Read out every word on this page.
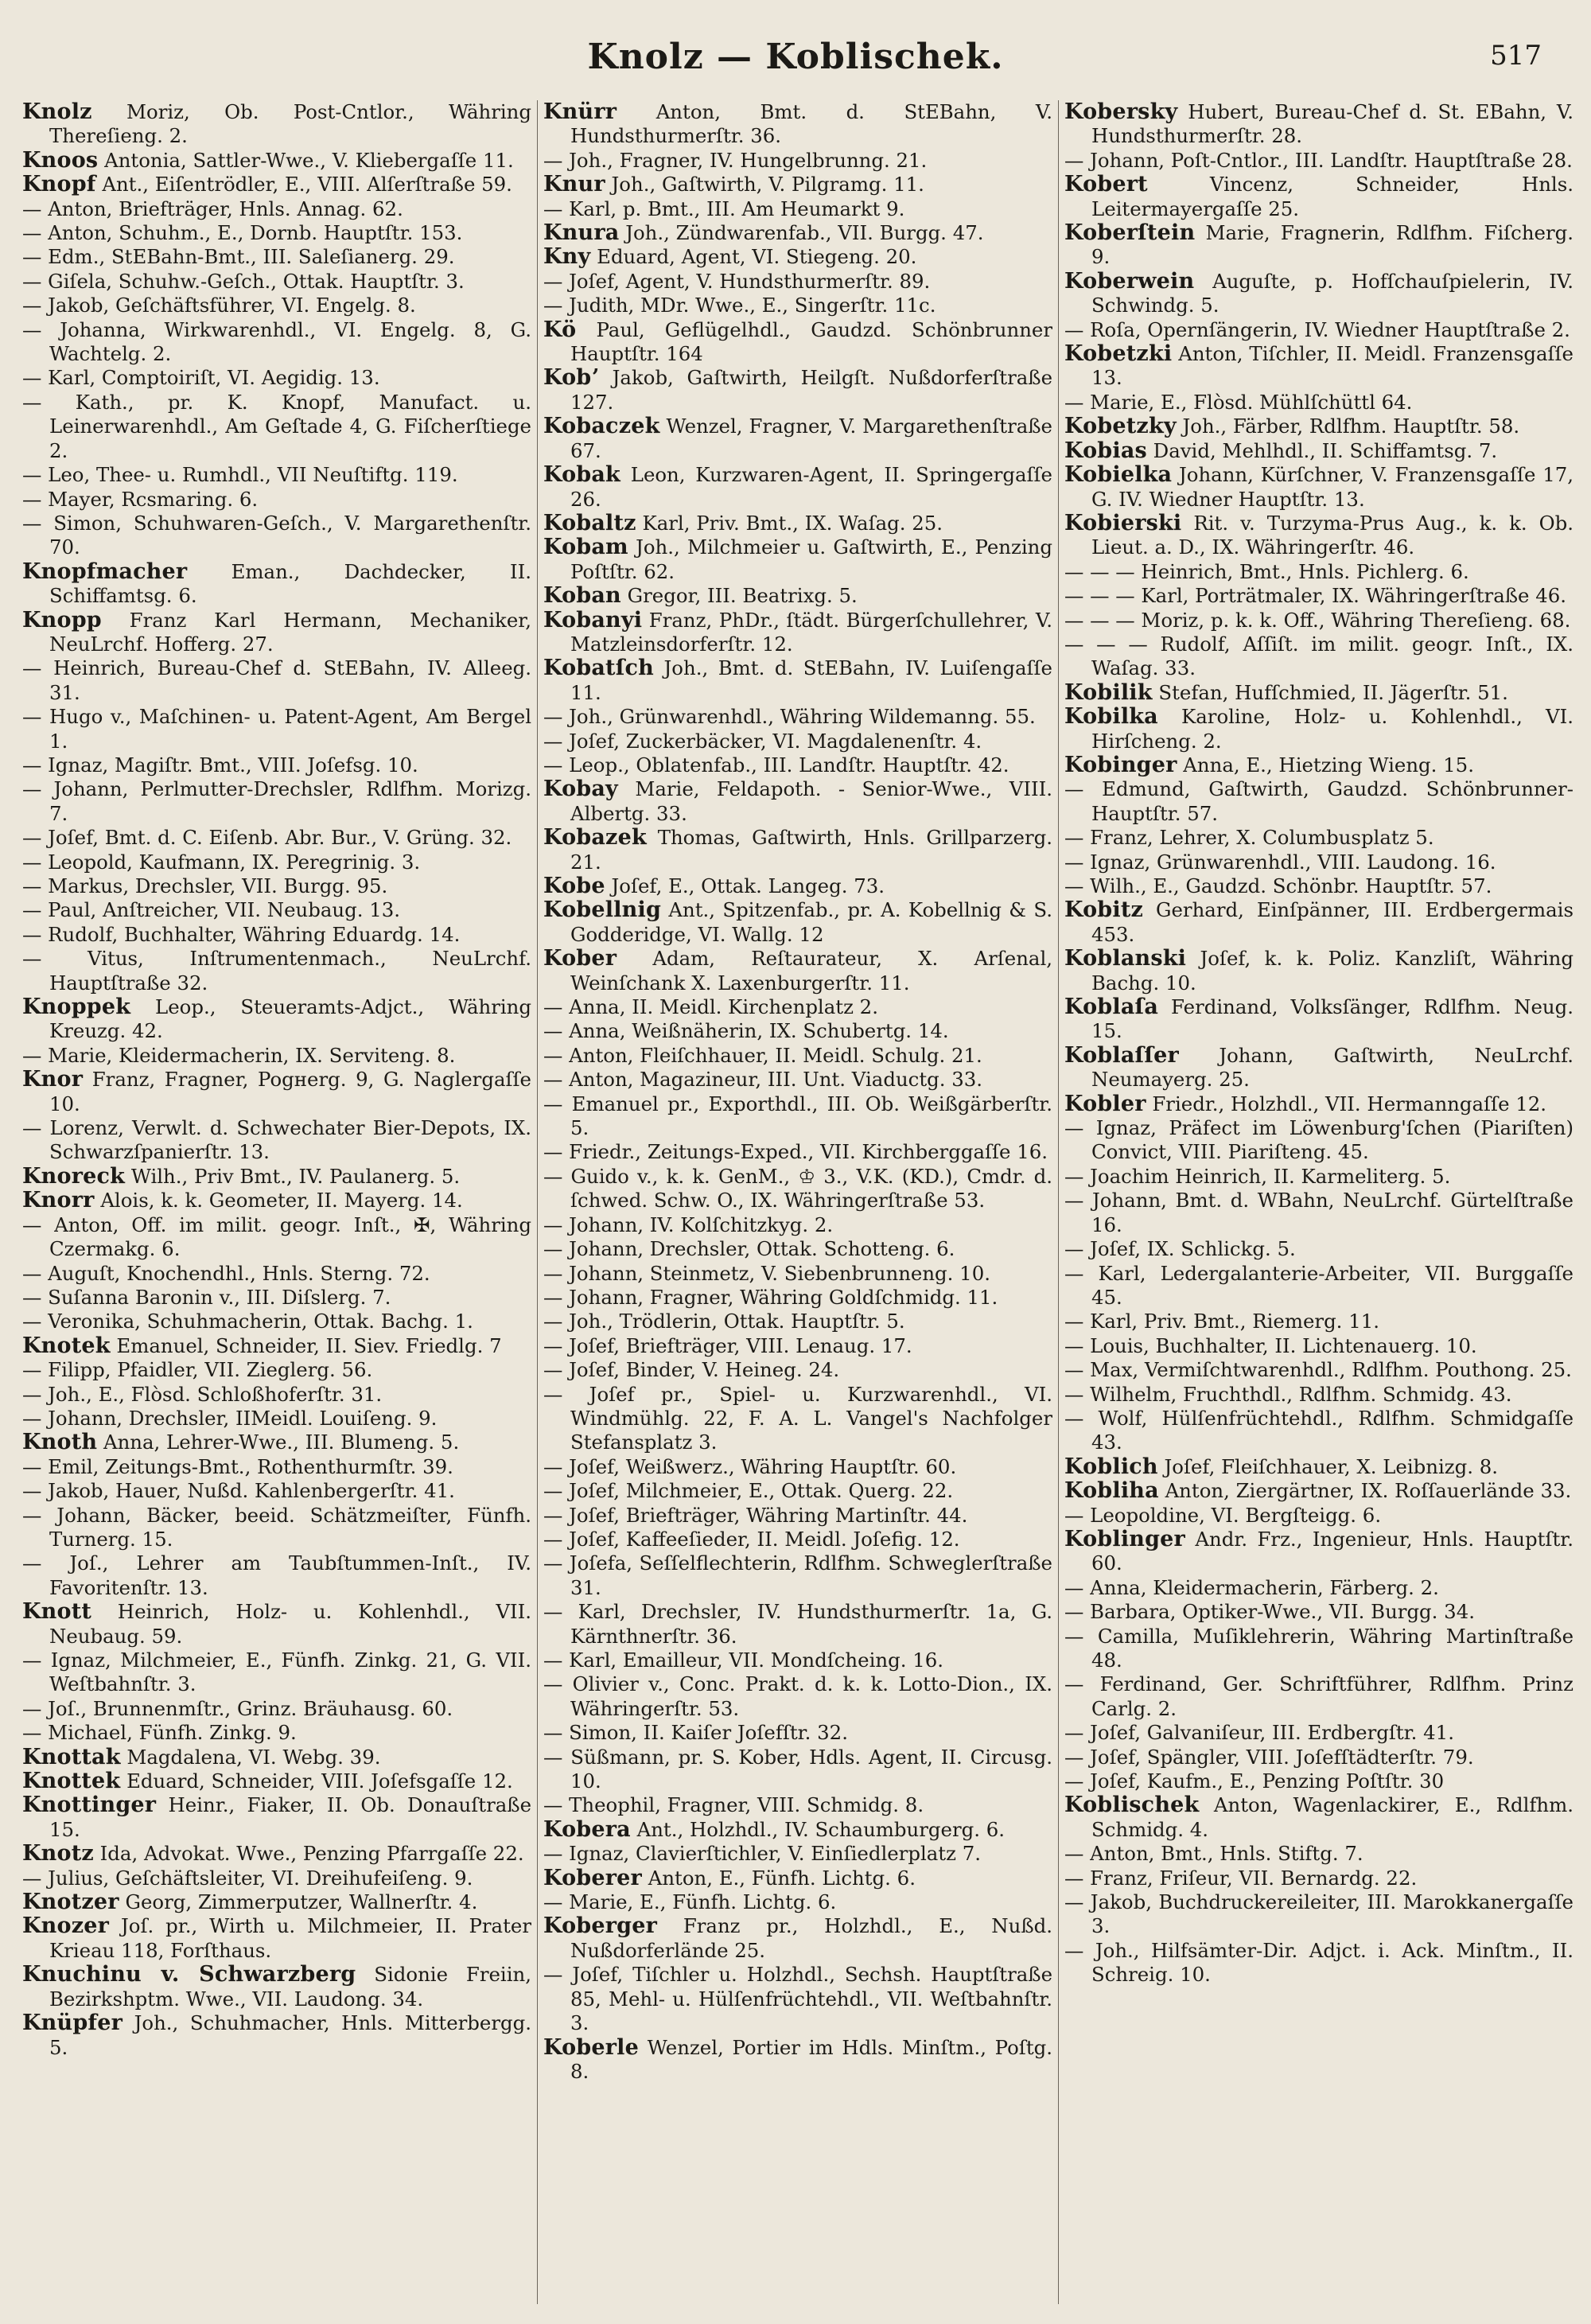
Knolz — Koblischek.	517

Knolz Moriz, Ob. Post-Cntlor., Währing Thereſieng. 2.

Knoos Antonia, Sattler-Wwe., V. Kliebergaſſe 11.

Knopf Ant., Eiſentrödler, E., VIII. Alſerſtraße 59.

— Anton, Briefträger, Hnls. Annag. 62.

— Anton, Schuhm., E., Dornb. Hauptſtr. 153.

— Edm., StEBahn-Bmt., III. Saleſianerg. 29.

— Giſela, Schuhw.-Geſch., Ottak. Hauptſtr. 3.

— Jakob, Geſchäftsführer, VI. Engelg. 8.

— Johanna, Wirkwarenhdl., VI. Engelg. 8, G. Wachtelg. 2.

— Karl, Comptoiriſt, VI. Aegidig. 13.

— Kath., pr. K. Knopf, Manufact. u. Leinerwarenhdl., Am Geſtade 4, G. Fiſcherſtiege 2.

— Leo, Thee- u. Rumhdl., VII Neuſtiftg. 119.

— Mayer, Rcsmaring. 6.

— Simon, Schuhwaren-Geſch., V. Margarethenſtr. 70.

Knopfmacher Eman., Dachdecker, II. Schiffamtsg. 6.

Knopp Franz Karl Hermann, Mechaniker, NeuLrchf. Hofferg. 27.

— Heinrich, Bureau-Chef d. StEBahn, IV. Alleeg. 31.

— Hugo v., Maſchinen- u. Patent-Agent, Am Bergel 1.

— Ignaz, Magiſtr. Bmt., VIII. Joſefsg. 10.

— Johann, Perlmutter-Drechsler, Rdlfhm. Morizg. 7.

— Joſef, Bmt. d. C. Eiſenb. Abr. Bur., V. Grüng. 32.

— Leopold, Kaufmann, IX. Peregrinig. 3.

— Markus, Drechsler, VII. Burgg. 95.

— Paul, Anſtreicher, VII. Neubaug. 13.

— Rudolf, Buchhalter, Währing Eduardg. 14.

— Vitus, Inſtrumentenmach., NeuLrchf. Hauptſtraße 32.

Knoppek Leop., Steueramts-Adjct., Währing Kreuzg. 42.

— Marie, Kleidermacherin, IX. Servitеng. 8.

Knor Franz, Fragner, Pogнerg. 9, G. Naglergaſſe 10.

— Lorenz, Verwlt. d. Schwechater Bier-Depots, IX. Schwarzſpanierſtr. 13.

Knoreck Wilh., Priv Bmt., IV. Paulanerg. 5.

Knorr Alois, k. k. Geometer, II. Mayerg. 14.

— Anton, Off. im milit. geogr. Inſt., ✠, Währing Czermakg. 6.

— Auguſt, Knochendhl., Hnls. Sterng. 72.

— Suſanna Baronin v., III. Diſslerg. 7.

— Veronika, Schuhmacherin, Ottak. Bachg. 1.

Knotek Emanuel, Schneider, II. Siev. Friedlg. 7

— Filipp, Pfaidler, VII. Zieglerg. 56.

— Joh., E., Flòsd. Schloßhoferſtr. 31.

— Johann, Drechsler, IIMeidl. Louiſeng. 9.

Knoth Anna, Lehrer-Wwe., III. Blumeng. 5.

— Emil, Zeitungs-Bmt., Rothenthurmſtr. 39.

— Jakob, Hauer, Nußd. Kahlenbergerſtr. 41.

— Johann, Bäcker, beeid. Schätzmeiſter, Fünfh. Turnerg. 15.

— Joſ., Lehrer am Taubſtummen-Inſt., IV. Favoritenſtr. 13.

Knott Heinrich, Holz- u. Kohlenhdl., VII. Neubaug. 59.

— Ignaz, Milchmeier, E., Fünfh. Zinkg. 21, G. VII. Weſtbahnſtr. 3.

— Joſ., Brunnenmſtr., Grinz. Bräuhausg. 60.

— Michael, Fünfh. Zinkg. 9.

Knottak Magdalena, VI. Webg. 39.

Knottek Eduard, Schneider, VIII. Joſefsgaſſe 12.

Knottinger Heinr., Fiaker, II. Ob. Donauſtraße 15.

Knotz Ida, Advokat. Wwe., Penzing Pfarrgaſſe 22.

— Julius, Geſchäftsleiter, VI. Dreihufeiſeng. 9.

Knotzer Georg, Zimmerputzer, Wallnerſtr. 4.

Knozer Joſ. pr., Wirth u. Milchmeier, II. Prater Krieau 118, Forſthaus.

Knuchinu v. Schwarzberg Sidonie Freiin, Bezirkshptm. Wwe., VII. Laudong. 34.

Knüpfer Joh., Schuhmacher, Hnls. Mitterbergg. 5.

Knürr Anton, Bmt. d. StEBahn, V. Hundsthurmerſtr. 36.

— Joh., Fragner, IV. Hungelbrunng. 21.

Knur Joh., Gaſtwirth, V. Pilgramg. 11.

— Karl, p. Bmt., III. Am Heumarkt 9.

Knura Joh., Zündwarenfab., VII. Burgg. 47.

Kny Eduard, Agent, VI. Stiegeng. 20.

— Joſef, Agent, V. Hundsthurmerſtr. 89.

— Judith, MDr. Wwe., E., Singerſtr. 11c.

Kö Paul, Geflügelhdl., Gaudzd. Schönbrunner Hauptſtr. 164

Kobʼ Jakob, Gaſtwirth, Heilgſt. Nußdorferſtraße 127.

Kobaczek Wenzel, Fragner, V. Margarethenſtraße 67.

Kobak Leon, Kurzwaren-Agent, II. Springergaſſe 26.

Kobaltz Karl, Priv. Bmt., IX. Waſag. 25.

Kobam Joh., Milchmeier u. Gaſtwirth, E., Penzing Poſtſtr. 62.

Koban Gregor, III. Beatrixg. 5.

Kobanyi Franz, PhDr., ſtädt. Bürgerſchullehrer, V. Matzleinsdorferſtr. 12.

Kobatſch Joh., Bmt. d. StEBahn, IV. Luiſengaſſe 11.

— Joh., Grünwarenhdl., Währing Wildemanng. 55.

— Joſef, Zuckerbäcker, VI. Magdalenenſtr. 4.

— Leop., Oblatenfab., III. Landſtr. Hauptſtr. 42.

Kobay Marie, Feldapoth. - Senior-Wwe., VIII. Albertg. 33.

Kobazek Thomas, Gaſtwirth, Hnls. Grillparzerg. 21.

Kobe Joſef, E., Ottak. Langeg. 73.

Kobellnig Ant., Spitzenfab., pr. A. Kobellnig & S. Godderidge, VI. Wallg. 12

Kober Adam, Reſtaurateur, X. Arſenal, Weinſchank X. Laxenburgerſtr. 11.

— Anna, II. Meidl. Kirchenplatz 2.

— Anna, Weißnäherin, IX. Schubertg. 14.

— Anton, Fleiſchhauer, II. Meidl. Schulg. 21.

— Anton, Magazineur, III. Unt. Viaductg. 33.

— Emanuel pr., Exporthdl., III. Ob. Weißgärberſtr. 5.

— Friedr., Zeitungs-Exped., VII. Kirchberggaſſe 16.

— Guido v., k. k. GenM., ♔ 3., V.K. (KD.), Cmdr. d. ſchwed. Schw. O., IX. Währingerſtraße 53.

— Johann, IV. Kolſchitzkyg. 2.

— Johann, Drechsler, Ottak. Schotteng. 6.

— Johann, Steinmetz, V. Siebenbrunneng. 10.

— Johann, Fragner, Währing Goldſchmidg. 11.

— Joh., Trödlerin, Ottak. Hauptſtr. 5.

— Joſef, Briefträger, VIII. Lenaug. 17.

— Joſef, Binder, V. Heineg. 24.

— Joſef pr., Spiel- u. Kurzwarenhdl., VI. Windmühlg. 22, F. A. L. Vangel's Nachfolger Stefansplatz 3.

— Joſef, Weißwerz., Währing Hauptſtr. 60.

— Joſef, Milchmeier, E., Ottak. Querg. 22.

— Joſef, Briefträger, Währing Martinſtr. 44.

— Joſef, Kaffeeſieder, II. Meidl. Joſefig. 12.

— Joſefa, Seſſelflechterin, Rdlfhm. Schweglerſtraße 31.

— Karl, Drechsler, IV. Hundsthurmerſtr. 1a, G. Kärnthnerſtr. 36.

— Karl, Emailleur, VII. Mondſcheing. 16.

— Olivier v., Conc. Prakt. d. k. k. Lotto-Dion., IX. Währingerſtr. 53.

— Simon, II. Kaiſer Joſefſtr. 32.

— Süßmann, pr. S. Kober, Hdls. Agent, II. Circusg. 10.

— Theophil, Fragner, VIII. Schmidg. 8.

Kobera Ant., Holzhdl., IV. Schaumburgerg. 6.

— Ignaz, Clavierſtichler, V. Einſiedlerplatz 7.

Koberer Anton, E., Fünfh. Lichtg. 6.

— Marie, E., Fünfh. Lichtg. 6.

Koberger Franz pr., Holzhdl., E., Nußd. Nußdorferlände 25.

— Joſef, Tiſchler u. Holzhdl., Sechsh. Hauptſtraße 85, Mehl- u. Hülſenfrüchtehdl., VII. Weſtbahnſtr. 3.

Koberle Wenzel, Portier im Hdls. Minſtm., Poſtg. 8.

Kobersky Hubert, Bureau-Chef d. St. EBahn, V. Hundsthurmerſtr. 28.

— Johann, Poſt-Cntlor., III. Landſtr. Hauptſtraße 28.

Kobert Vincenz, Schneider, Hnls. Leitermayergaſſe 25.

Koberſtein Marie, Fragnerin, Rdlfhm. Fiſcherg. 9.

Koberwein Auguſte, p. Hofſchauſpielerin, IV. Schwindg. 5.

— Roſa, Opernſängerin, IV. Wiedner Hauptſtraße 2.

Kobetzki Anton, Tiſchler, II. Meidl. Franzensgaſſe 13.

— Marie, E., Flòsd. Mühlſchüttl 64.

Kobetzky Joh., Färber, Rdlfhm. Hauptſtr. 58.

Kobias David, Mehlhdl., II. Schiffamtsg. 7.

Kobielka Johann, Kürſchner, V. Franzensgaſſe 17, G. IV. Wiedner Hauptſtr. 13.

Kobierski Rit. v. Turzyma-Prus Aug., k. k. Ob. Lieut. a. D., IX. Währingerſtr. 46.

— — — Heinrich, Bmt., Hnls. Pichlerg. 6.

— — — Karl, Porträtmaler, IX. Währingerſtraße 46.

— — — Moriz, p. k. k. Off., Währing Thereſieng. 68.

— — — Rudolf, Aſſiſt. im milit. geogr. Inſt., IX. Waſag. 33.

Kobilik Stefan, Hufſchmied, II. Jägerſtr. 51.

Kobilka Karoline, Holz- u. Kohlenhdl., VI. Hirſcheng. 2.

Kobinger Anna, E., Hietzing Wieng. 15.

— Edmund, Gaſtwirth, Gaudzd. Schönbrunner-Hauptſtr. 57.

— Franz, Lehrer, X. Columbusplatz 5.

— Ignaz, Grünwarenhdl., VIII. Laudong. 16.

— Wilh., E., Gaudzd. Schönbr. Hauptſtr. 57.

Kobitz Gerhard, Einſpänner, III. Erdbergermais 453.

Koblanski Joſef, k. k. Poliz. Kanzliſt, Währing Bachg. 10.

Koblaſa Ferdinand, Volksſänger, Rdlfhm. Neug. 15.

Koblaſſer Johann, Gaſtwirth, NeuLrchf. Neumayerg. 25.

Kobler Friedr., Holzhdl., VII. Hermanngaſſe 12.

— Ignaz, Präfect im Löwenburg'ſchen (Piariſten) Convict, VIII. Piariſteng. 45.

— Joachim Heinrich, II. Karmeliterg. 5.

— Johann, Bmt. d. WBahn, NeuLrchf. Gürtelſtraße 16.

— Joſef, IX. Schlickg. 5.

— Karl, Ledergalanterie-Arbeiter, VII. Burggaſſe 45.

— Karl, Priv. Bmt., Riemerg. 11.

— Louis, Buchhalter, II. Lichtenauerg. 10.

— Max, Vermiſchtwarenhdl., Rdlfhm. Pouthong. 25.

— Wilhelm, Fruchthdl., Rdlfhm. Schmidg. 43.

— Wolf, Hülſenfrüchtehdl., Rdlfhm. Schmidgaſſe 43.

Koblich Joſef, Fleiſchhauer, X. Leibnizg. 8.

Kobliha Anton, Ziergärtner, IX. Roſſauerlände 33.

— Leopoldine, VI. Bergſteigg. 6.

Koblinger Andr. Frz., Ingenieur, Hnls. Hauptſtr. 60.

— Anna, Kleidermacherin, Färberg. 2.

— Barbara, Optiker-Wwe., VII. Burgg. 34.

— Camilla, Muſiklehrerin, Währing Martinſtraße 48.

— Ferdinand, Ger. Schriftführer, Rdlfhm. Prinz Carlg. 2.

— Joſef, Galvaniſeur, III. Erdbergſtr. 41.

— Joſef, Spängler, VIII. Joſefſtädterſtr. 79.

— Joſef, Kaufm., E., Penzing Poſtſtr. 30

Koblischek Anton, Wagenlackirer, E., Rdlfhm. Schmidg. 4.

— Anton, Bmt., Hnls. Stiftg. 7.

— Franz, Friſeur, VII. Bernardg. 22.

— Jakob, Buchdruckereileiter, III. Marokkanergaſſe 3.

— Joh., Hilfsämter-Dir. Adjct. i. Ack. Minſtm., II. Schreig. 10.
